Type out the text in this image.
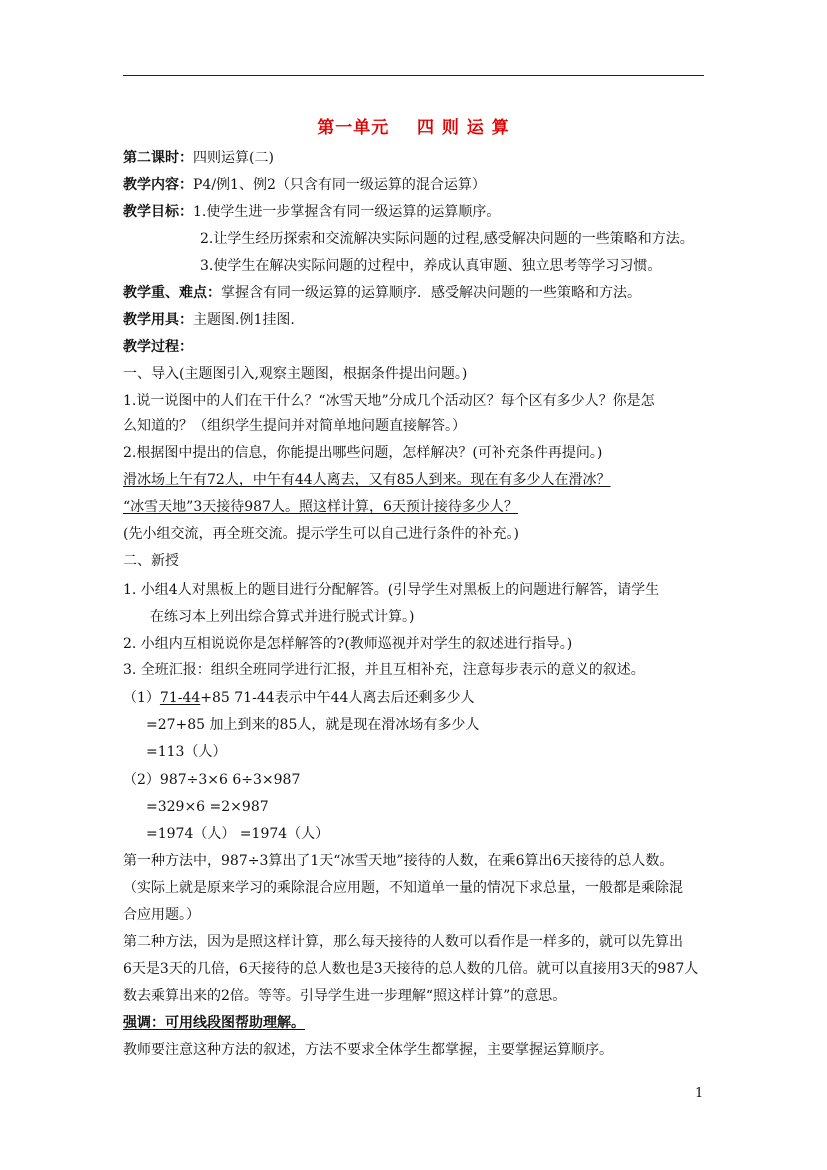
第一单元    四 则 运 算
第二课时：四则运算(二)
教学内容：P4/例1、例2（只含有同一级运算的混合运算）
教学目标：1.使学生进一步掌握含有同一级运算的运算顺序。
2.让学生经历探索和交流解决实际问题的过程,感受解决问题的一些策略和方法。
3.使学生在解决实际问题的过程中，养成认真审题、独立思考等学习习惯。
教学重、难点：掌握含有同一级运算的运算顺序．感受解决问题的一些策略和方法。
教学用具：主题图.例1挂图.
教学过程：
一、导入(主题图引入,观察主题图，根据条件提出问题。)
1.说一说图中的人们在干什么？“冰雪天地”分成几个活动区？每个区有多少人？你是怎
么知道的？（组织学生提问并对简单地问题直接解答。）
2.根据图中提出的信息，你能提出哪些问题，怎样解决？(可补充条件再提问。)
滑冰场上午有72人，中午有44人离去，又有85人到来。现在有多少人在滑冰？
“冰雪天地”3天接待987人。照这样计算，6天预计接待多少人？
(先小组交流，再全班交流。提示学生可以自己进行条件的补充。)
二、新授
1. 小组4人对黑板上的题目进行分配解答。(引导学生对黑板上的问题进行解答，请学生
在练习本上列出综合算式并进行脱式计算。)
2. 小组内互相说说你是怎样解答的?(教师巡视并对学生的叙述进行指导。)
3. 全班汇报：组织全班同学进行汇报，并且互相补充，注意每步表示的意义的叙述。
（1）71-44+85 71-44表示中午44人离去后还剩多少人
=27+85 加上到来的85人，就是现在滑冰场有多少人
=113（人）
（2）987÷3×6 6÷3×987
=329×6 =2×987
=1974（人） =1974（人）
第一种方法中，987÷3算出了1天“冰雪天地”接待的人数，在乘6算出6天接待的总人数。
（实际上就是原来学习的乘除混合应用题，不知道单一量的情况下求总量，一般都是乘除混
合应用题。）
第二种方法，因为是照这样计算，那么每天接待的人数可以看作是一样多的，就可以先算出
6天是3天的几倍，6天接待的总人数也是3天接待的总人数的几倍。就可以直接用3天的987人
数去乘算出来的2倍。等等。引导学生进一步理解“照这样计算”的意思。
强调：可用线段图帮助理解。
教师要注意这种方法的叙述，方法不要求全体学生都掌握，主要掌握运算顺序。
1
